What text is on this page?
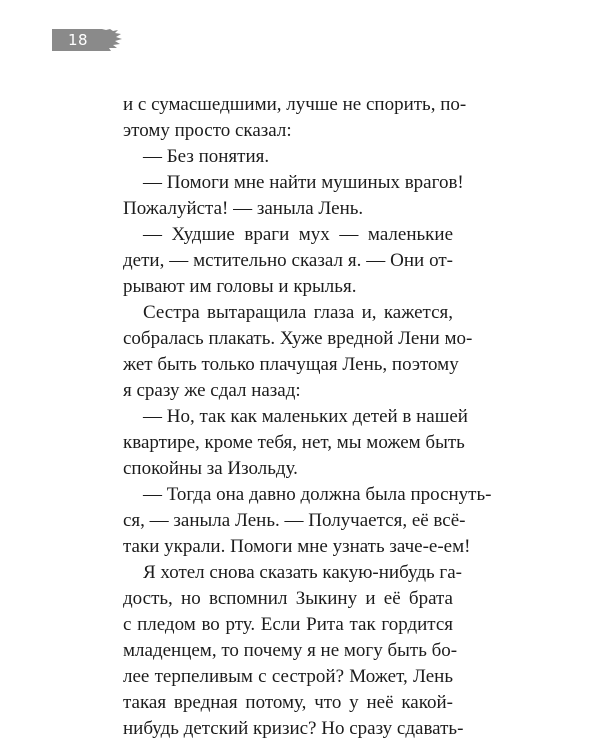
18
и с сумасшедшими, лучше не спорить, по-
этому просто сказал:
— Без понятия.
— Помоги мне найти мушиных врагов!
Пожалуйста! — заныла Лень.
— Худшие враги мух — маленькие
дети, — мстительно сказал я. — Они от-
рывают им головы и крылья.
Сестра вытаращила глаза и, кажется,
собралась плакать. Хуже вредной Лени мо-
жет быть только плачущая Лень, поэтому
я сразу же сдал назад:
— Но, так как маленьких детей в нашей
квартире, кроме тебя, нет, мы можем быть
спокойны за Изольду.
— Тогда она давно должна была проснуть-
ся, — заныла Лень. — Получается, её всё-
таки украли. Помоги мне узнать заче-е-ем!
Я хотел снова сказать какую-нибудь га-
дость, но вспомнил Зыкину и её брата
с пледом во рту. Если Рита так гордится
младенцем, то почему я не могу быть бо-
лее терпеливым с сестрой? Может, Лень
такая вредная потому, что у неё какой-
нибудь детский кризис? Но сразу сдавать-
